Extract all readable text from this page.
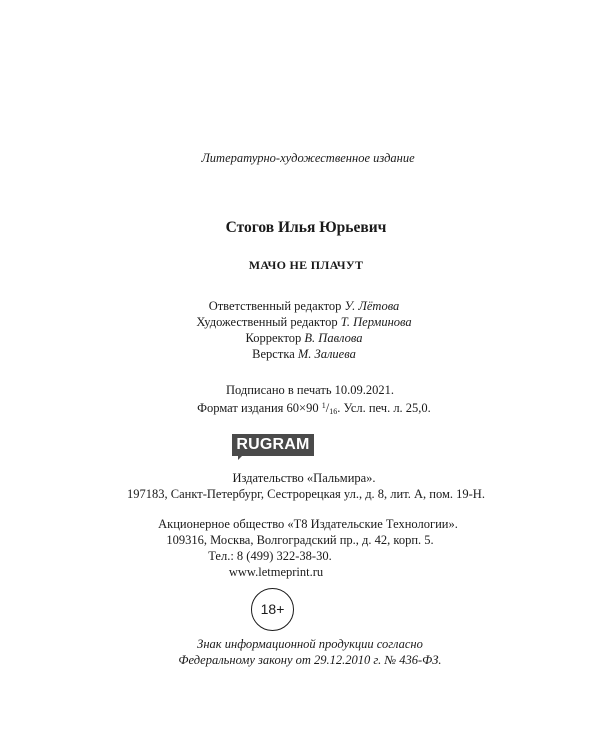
Литературно-художественное издание
Стогов Илья Юрьевич
МАЧО НЕ ПЛАЧУТ
Ответственный редактор У. Лётова
Художественный редактор Т. Перминова
Корректор В. Павлова
Верстка М. Залиева
Подписано в печать 10.09.2021.
Формат издания 60×90 $^1$/16. Усл. печ. л. 25,0.
RUGRAM
Издательство «Пальмира».
197183, Санкт-Петербург, Сестрорецкая ул., д. 8, лит. А, пом. 19-Н.
Акционерное общество «Т8 Издательские Технологии».
109316, Москва, Волгоградский пр., д. 42, корп. 5.
Тел.: 8 (499) 322-38-30.
www.letmeprint.ru
18+
Знак информационной продукции согласно
Федеральному закону от 29.12.2010 г. № 436-ФЗ.
